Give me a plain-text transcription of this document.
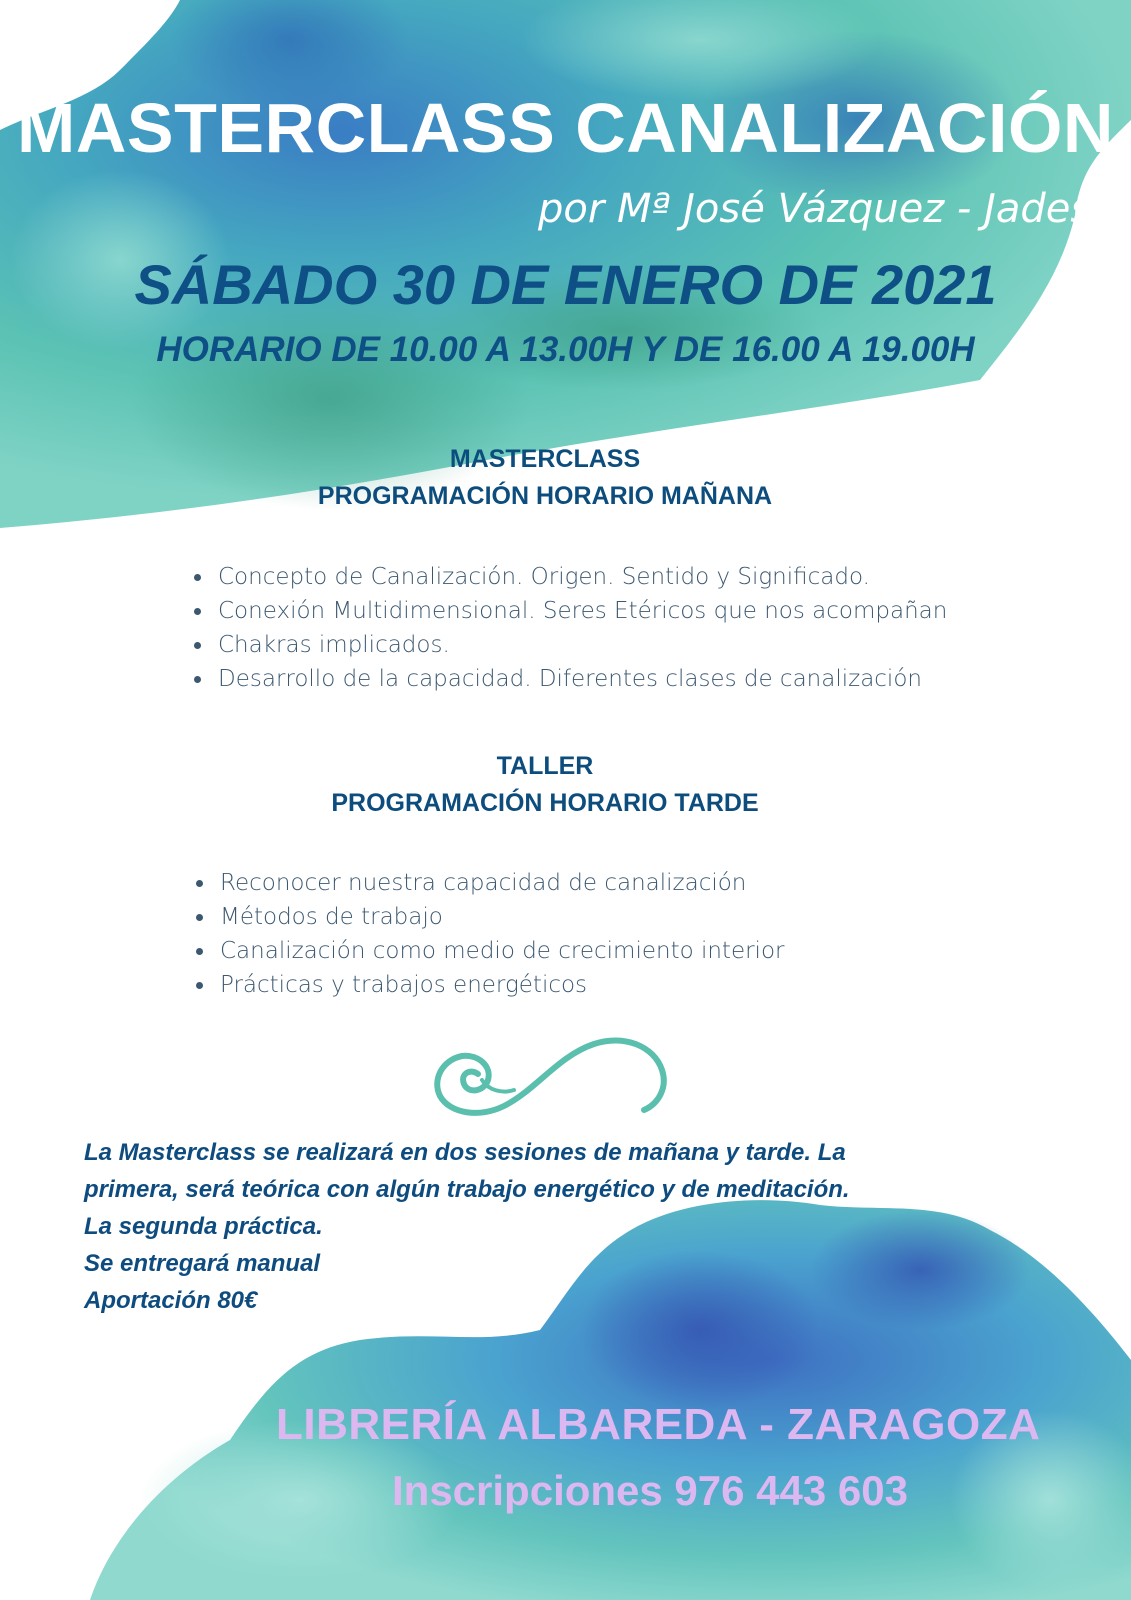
MASTERCLASS CANALIZACIÓN
por Mª José Vázquez - Jadesh
SÁBADO 30 DE ENERO DE 2021
HORARIO DE 10.00 A 13.00H Y DE 16.00 A 19.00H
MASTERCLASS
PROGRAMACIÓN HORARIO MAÑANA
• Concepto de Canalización. Origen. Sentido y Significado.
• Conexión Multidimensional. Seres Etéricos que nos acompañan
• Chakras implicados.
• Desarrollo de la capacidad. Diferentes clases de canalización
TALLER
PROGRAMACIÓN HORARIO TARDE
• Reconocer nuestra capacidad de canalización
• Métodos de trabajo
• Canalización como medio de crecimiento interior
• Prácticas y trabajos energéticos
La Masterclass se realizará en dos sesiones de mañana y tarde. La
primera, será teórica con algún trabajo energético y de meditación.
La segunda práctica.
Se entregará manual
Aportación 80€
LIBRERÍA ALBAREDA - ZARAGOZA
Inscripciones 976 443 603
